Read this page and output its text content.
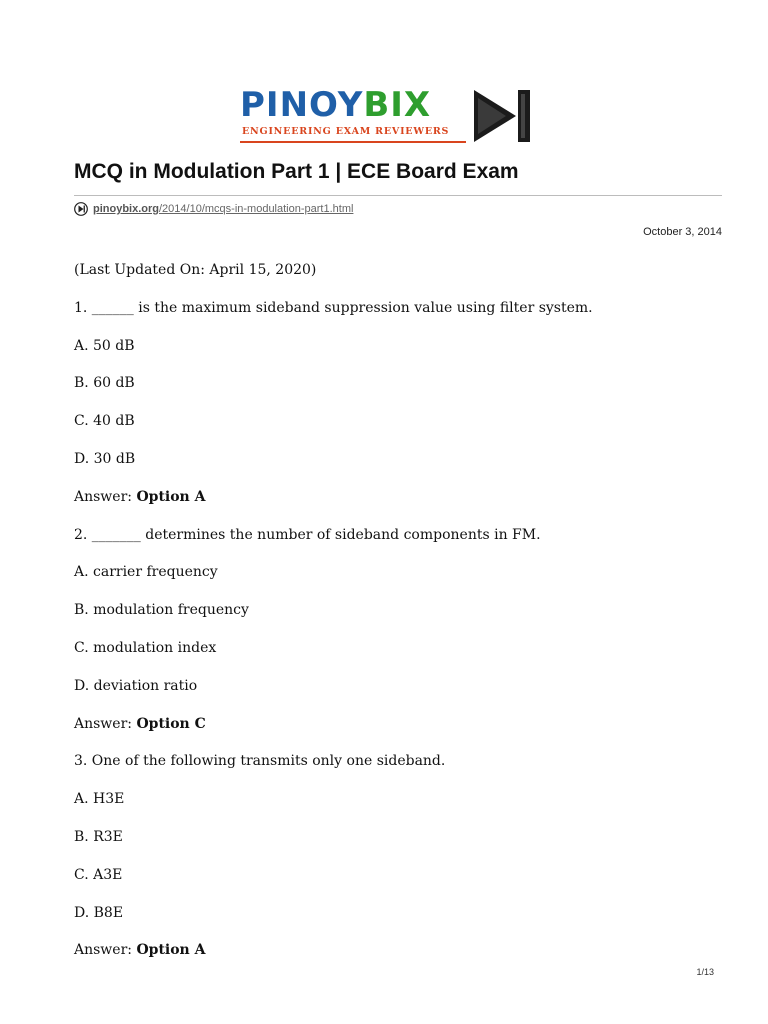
PINOYBIX
ENGINEERING EXAM REVIEWERS
MCQ in Modulation Part 1 | ECE Board Exam
pinoybix.org /2014/10/mcqs-in-modulation-part1.html
October 3, 2014
(Last Updated On: April 15, 2020)
1. ______ is the maximum sideband suppression value using filter system.
A. 50 dB
B. 60 dB
C. 40 dB
D. 30 dB
Answer: Option A
2. _______ determines the number of sideband components in FM.
A. carrier frequency
B. modulation frequency
C. modulation index
D. deviation ratio
Answer: Option C
3. One of the following transmits only one sideband.
A. H3E
B. R3E
C. A3E
D. B8E
Answer: Option A
1/13
